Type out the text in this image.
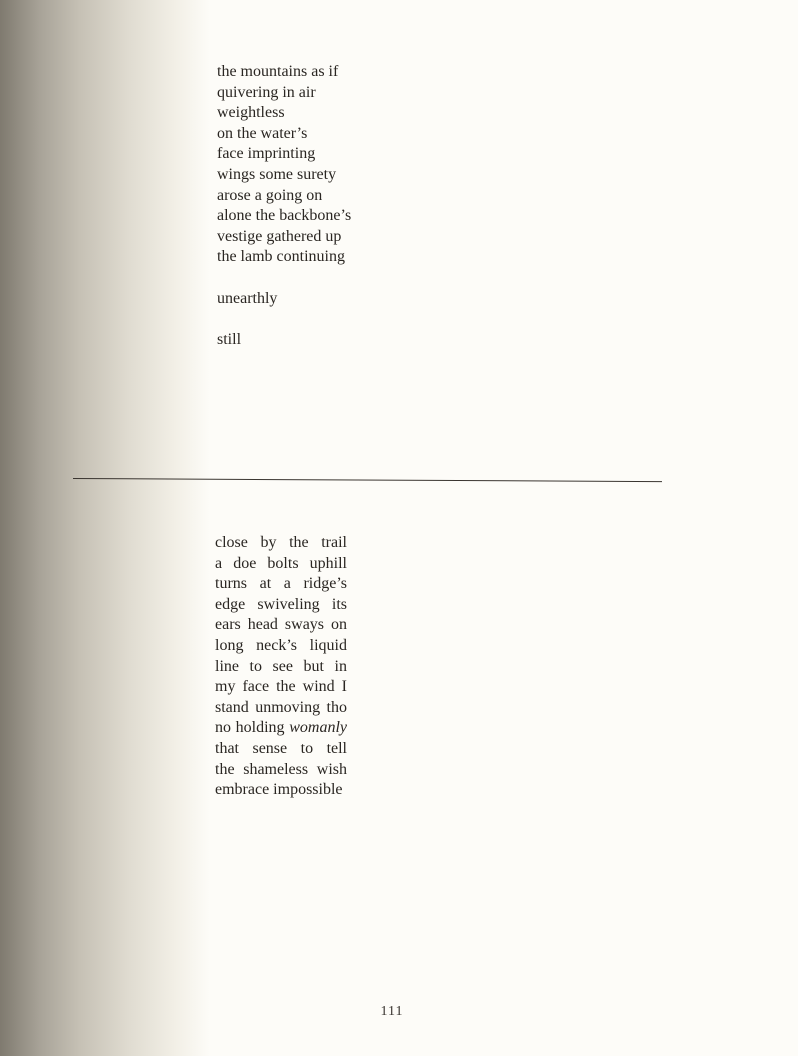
the mountains as if
quivering in air
weightless
on the water’s
face imprinting
wings some surety
arose a going on
alone the backbone’s
vestige gathered up
the lamb continuing
unearthly
still
close by the trail
a doe bolts uphill
turns at a ridge’s
edge swiveling its
ears head sways on
long neck’s liquid
line to see but in
my face the wind I
stand unmoving tho
no holding womanly
that sense to tell
the shameless wish
embrace impossible
111
